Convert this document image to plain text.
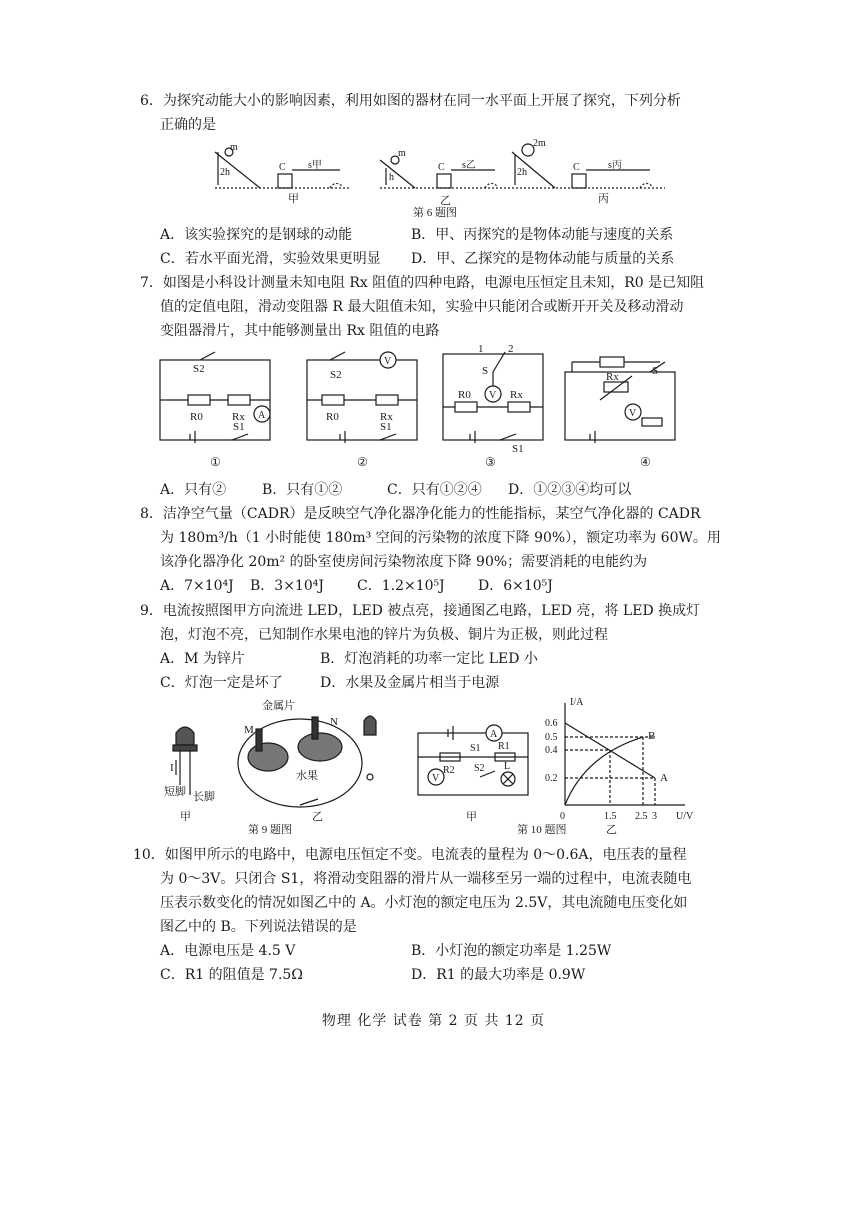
6．为探究动能大小的影响因素，利用如图的器材在同一水平面上开展了探究，下列分析
正确的是
m
2h	C s甲
甲
m
h
C s乙
乙
2m
2h	C	s丙
丙
第 6 题图
A．该实验探究的是钢球的动能	B．甲、丙探究的是物体动能与速度的关系
C．若水平面光滑，实验效果更明显 D．甲、乙探究的是物体动能与质量的关系
7．如图是小科设计测量未知电阻 Rx 阻值的四种电路，电源电压恒定且未知，R0 是已知阻
值的定值电阻，滑动变阻器 R 最大阻值未知，实验中只能闭合或断开开关及移动滑动
变阻器滑片，其中能够测量出 Rx 阻值的电路
S2
R0	Rx A
S1
①
S2
V
R0	Rx
S1
②
1 2
S
V
R0	Rx
S1
③
Rx	S
V
④
A．只有②	B．只有①②	C．只有①②④ D．①②③④均可以
8．洁净空气量（CADR）是反映空气净化器净化能力的性能指标，某空气净化器的 CADR
为 180m³/h（1 小时能使 180m³ 空间的污染物的浓度下降 90%），额定功率为 60W。用
该净化器净化 20m² 的卧室使房间污染物浓度下降 90%；需要消耗的电能约为
A．7×10⁴J B．3×10⁴J C．1.2×10⁵J D．6×10⁵J
9．电流按照图甲方向流进 LED，LED 被点亮，接通图乙电路，LED 亮，将 LED 换成灯
泡，灯泡不亮，已知制作水果电池的锌片为负极、铜片为正极，则此过程
A．M 为锌片	B．灯泡消耗的功率一定比 LED 小
C．灯泡一定是坏了	D．水果及金属片相当于电源
I
短脚 长脚
甲
金属片
M
N
水果
乙
第 9 题图
A
V
R2
R1
S1
S2 L
甲
第 10 题图
I/A
U/V
0.6
0.5
0.4
0.2
0	1.5 2.5 3
B
A
乙
10．如图甲所示的电路中，电源电压恒定不变。电流表的量程为 0～0.6A，电压表的量程
为 0～3V。只闭合 S1，将滑动变阻器的滑片从一端移至另一端的过程中，电流表随电
压表示数变化的情况如图乙中的 A。小灯泡的额定电压为 2.5V，其电流随电压变化如
图乙中的 B。下列说法错误的是
A．电源电压是 4.5 V	B．小灯泡的额定功率是 1.25W
C．R1 的阻值是 7.5Ω	D．R1 的最大功率是 0.9W
物理 化学 试卷 第 2 页 共 12 页
